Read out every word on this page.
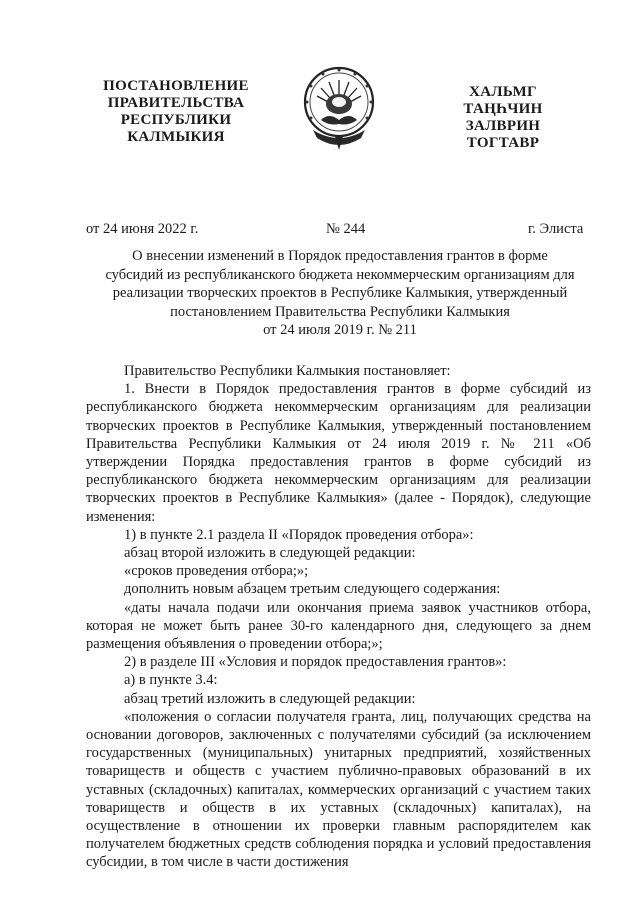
ПОСТАНОВЛЕНИЕ
ПРАВИТЕЛЬСТВА
РЕСПУБЛИКИ
КАЛМЫКИЯ
ХАЛЬМГ
ТАҢҺЧИН
ЗАЛВРИН
ТОГТАВР
от 24 июня 2022 г.	№ 244	г. Элиста
О внесении изменений в Порядок предоставления грантов в форме
субсидий из республиканского бюджета некоммерческим организациям для
реализации творческих проектов в Республике Калмыкия, утвержденный
постановлением Правительства Республики Калмыкия
от 24 июля 2019 г. № 211

Правительство Республики Калмыкия постановляет:

1. Внести в Порядок предоставления грантов в форме субсидий из республиканского бюджета некоммерческим организациям для реализации творческих проектов в Республике Калмыкия, утвержденный постановлением Правительства Республики Калмыкия от 24 июля 2019 г. № 211 «Об утверждении Порядка предоставления грантов в форме субсидий из республиканского бюджета некоммерческим организациям для реализации творческих проектов в Республике Калмыкия» (далее - Порядок), следующие изменения:

1) в пункте 2.1 раздела II «Порядок проведения отбора»:

абзац второй изложить в следующей редакции:

«сроков проведения отбора;»;

дополнить новым абзацем третьим следующего содержания:

«даты начала подачи или окончания приема заявок участников отбора, которая не может быть ранее 30-го календарного дня, следующего за днем размещения объявления о проведении отбора;»;

2) в разделе III «Условия и порядок предоставления грантов»:

а) в пункте 3.4:

абзац третий изложить в следующей редакции:

«положения о согласии получателя гранта, лиц, получающих средства на основании договоров, заключенных с получателями субсидий (за исключением государственных (муниципальных) унитарных предприятий, хозяйственных товариществ и обществ с участием публично-правовых образований в их уставных (складочных) капиталах, коммерческих организаций с участием таких товариществ и обществ в их уставных (складочных) капиталах), на осуществление в отношении их проверки главным распорядителем как получателем бюджетных средств соблюдения порядка и условий предоставления субсидии, в том числе в части достижения
